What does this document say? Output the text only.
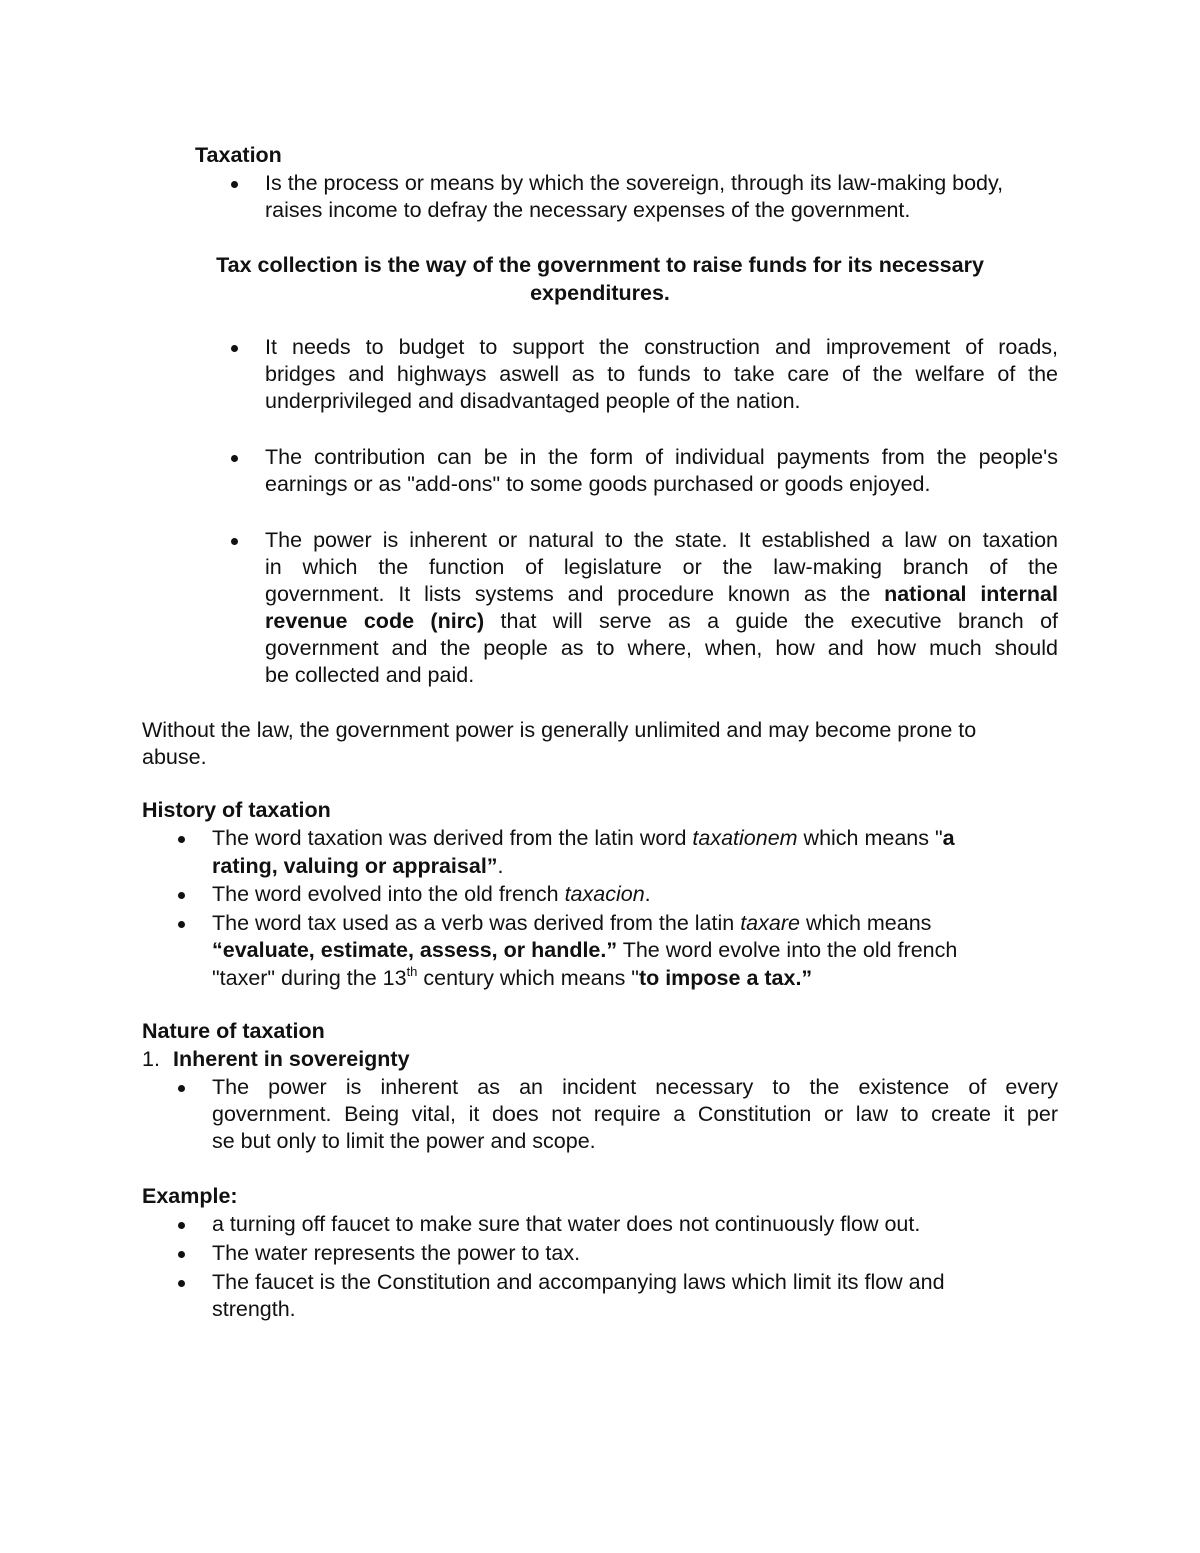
Taxation

Is the process or means by which the sovereign, through its law-making body,

raises income to defray the necessary expenses of the government.

Tax collection is the way of the government to raise funds for its necessary

expenditures.

It needs to budget to support the construction and improvement of roads,

bridges and highways aswell as to funds to take care of the welfare of the

underprivileged and disadvantaged people of the nation.

The contribution can be in the form of individual payments from the people's

earnings or as "add-ons" to some goods purchased or goods enjoyed.

The power is inherent or natural to the state. It established a law on taxation

in which the function of legislature or the law-making branch of the

government. It lists systems and procedure known as the national internal

revenue code (nirc) that will serve as a guide the executive branch of

government and the people as to where, when, how and how much should

be collected and paid.

Without the law, the government power is generally unlimited and may become prone to

abuse.

History of taxation

The word taxation was derived from the latin word taxationem which means "a

rating, valuing or appraisal”.

The word evolved into the old french taxacion.

The word tax used as a verb was derived from the latin taxare which means

“evaluate, estimate, assess, or handle.” The word evolve into the old french

"taxer" during the 13th century which means "to impose a tax.”

Nature of taxation

1. Inherent in sovereignty

The power is inherent as an incident necessary to the existence of every

government. Being vital, it does not require a Constitution or law to create it per

se but only to limit the power and scope.

Example:

a turning off faucet to make sure that water does not continuously flow out.

The water represents the power to tax.

The faucet is the Constitution and accompanying laws which limit its flow and

strength.
